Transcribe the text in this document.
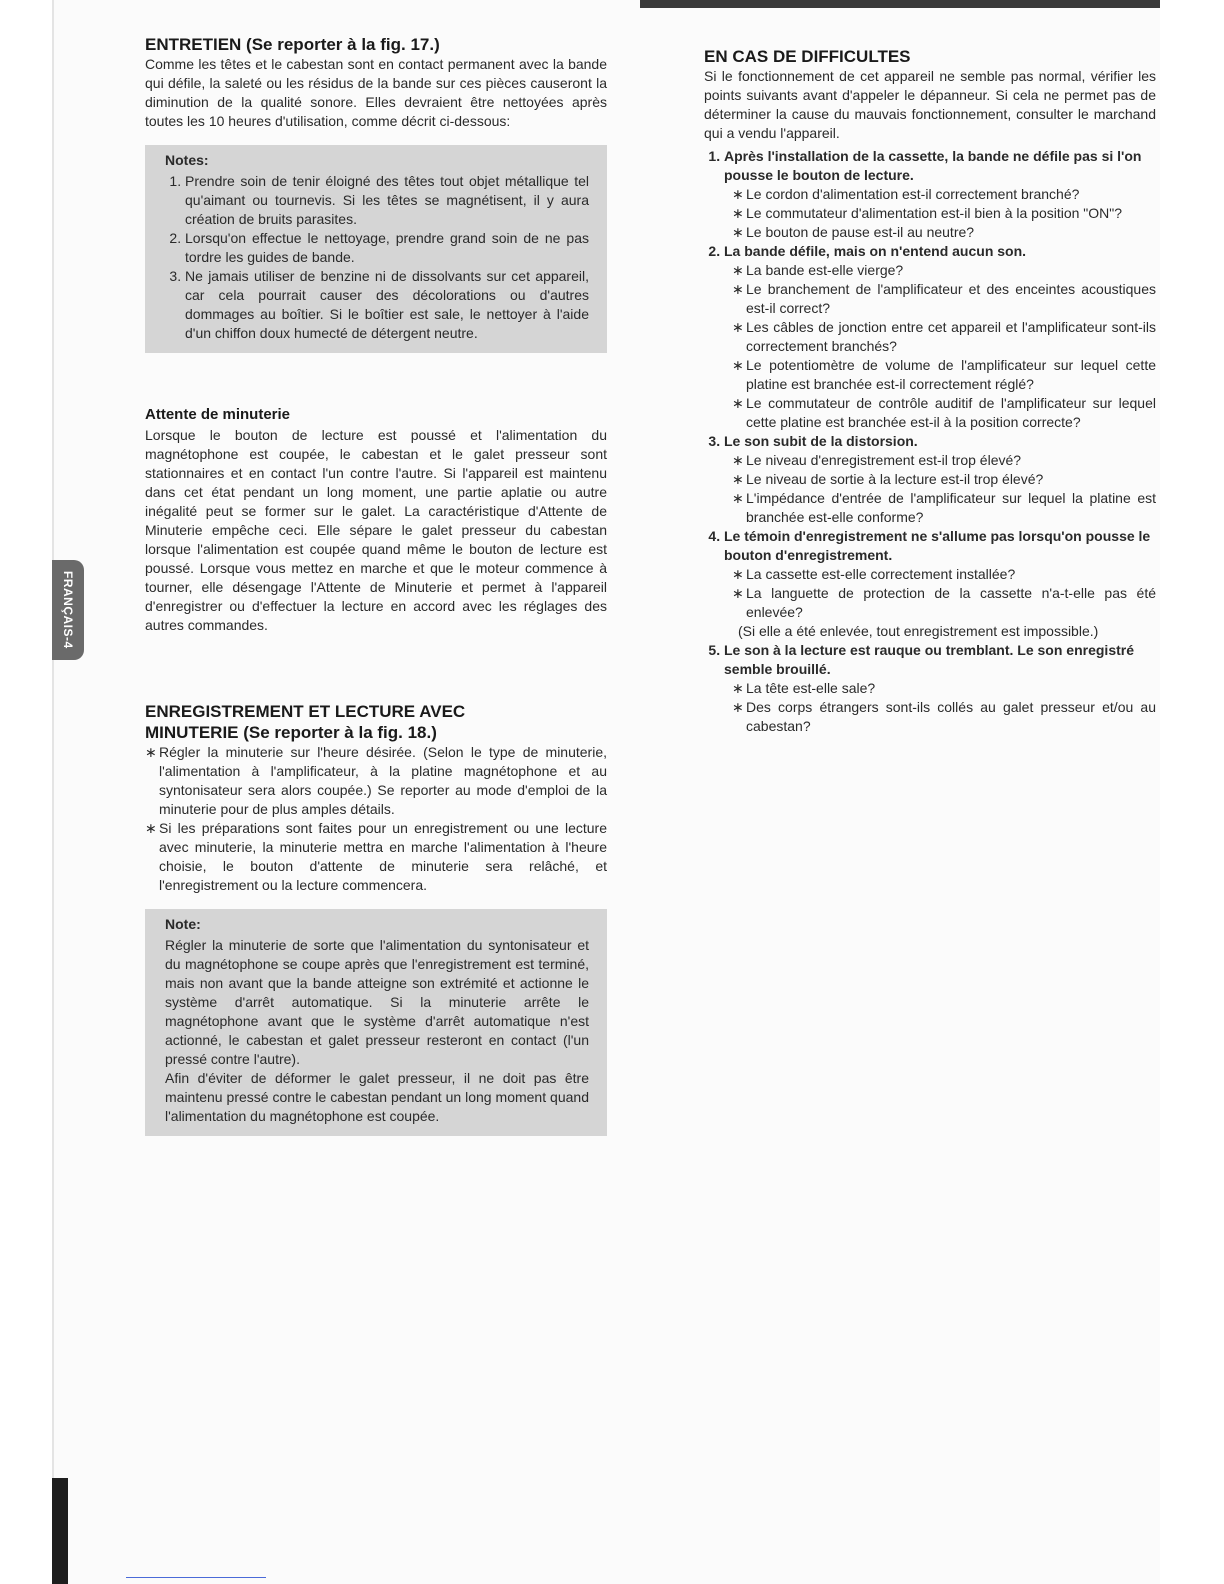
FRANÇAIS-4
ENTRETIEN (Se reporter à la fig. 17.)

Comme les têtes et le cabestan sont en contact permanent avec la bande qui défile, la saleté ou les résidus de la bande sur ces pièces causeront la diminution de la qualité sonore. Elles devraient être nettoyées après toutes les 10 heures d'utilisation, comme décrit ci-dessous:

Notes:
1. Prendre soin de tenir éloigné des têtes tout objet métallique tel qu'aimant ou tournevis. Si les têtes se magnétisent, il y aura création de bruits parasites.
2. Lorsqu'on effectue le nettoyage, prendre grand soin de ne pas tordre les guides de bande.
3. Ne jamais utiliser de benzine ni de dissolvants sur cet appareil, car cela pourrait causer des décolorations ou d'autres dommages au boîtier. Si le boîtier est sale, le nettoyer à l'aide d'un chiffon doux humecté de détergent neutre.
Attente de minuterie

Lorsque le bouton de lecture est poussé et l'alimentation du magnétophone est coupée, le cabestan et le galet presseur sont stationnaires et en contact l'un contre l'autre. Si l'appareil est maintenu dans cet état pendant un long moment, une partie aplatie ou autre inégalité peut se former sur le galet. La caractéristique d'Attente de Minuterie empêche ceci. Elle sépare le galet presseur du cabestan lorsque l'alimentation est coupée quand même le bouton de lecture est poussé. Lorsque vous mettez en marche et que le moteur commence à tourner, elle désengage l'Attente de Minuterie et permet à l'appareil d'enregistrer ou d'effectuer la lecture en accord avec les réglages des autres commandes.

ENREGISTREMENT ET LECTURE AVEC
MINUTERIE (Se reporter à la fig. 18.)
∗ Régler la minuterie sur l'heure désirée. (Selon le type de minuterie, l'alimentation à l'amplificateur, à la platine magnétophone et au syntonisateur sera alors coupée.) Se reporter au mode d'emploi de la minuterie pour de plus amples détails.
∗ Si les préparations sont faites pour un enregistrement ou une lecture avec minuterie, la minuterie mettra en marche l'alimentation à l'heure choisie, le bouton d'attente de minuterie sera relâché, et l'enregistrement ou la lecture commencera.
Note:

Régler la minuterie de sorte que l'alimentation du syntonisateur et du magnétophone se coupe après que l'enregistrement est terminé, mais non avant que la bande atteigne son extrémité et actionne le système d'arrêt automatique. Si la minuterie arrête le magnétophone avant que le système d'arrêt automatique n'est actionné, le cabestan et galet presseur resteront en contact (l'un pressé contre l'autre).

Afin d'éviter de déformer le galet presseur, il ne doit pas être maintenu pressé contre le cabestan pendant un long moment quand l'alimentation du magnétophone est coupée.

EN CAS DE DIFFICULTES

Si le fonctionnement de cet appareil ne semble pas normal, vérifier les points suivants avant d'appeler le dépanneur. Si cela ne permet pas de déterminer la cause du mauvais fonctionnement, consulter le marchand qui a vendu l'appareil.

1. Après l'installation de la cassette, la bande ne défile pas si l'on pousse le bouton de lecture.
∗ Le cordon d'alimentation est-il correctement branché?
∗ Le commutateur d'alimentation est-il bien à la position "ON"?
∗ Le bouton de pause est-il au neutre?
2. La bande défile, mais on n'entend aucun son.
∗ La bande est-elle vierge?
∗ Le branchement de l'amplificateur et des enceintes acoustiques est-il correct?
∗ Les câbles de jonction entre cet appareil et l'amplificateur sont-ils correctement branchés?
∗ Le potentiomètre de volume de l'amplificateur sur lequel cette platine est branchée est-il correctement réglé?
∗ Le commutateur de contrôle auditif de l'amplificateur sur lequel cette platine est branchée est-il à la position correcte?
3. Le son subit de la distorsion.
∗ Le niveau d'enregistrement est-il trop élevé?
∗ Le niveau de sortie à la lecture est-il trop élevé?
∗ L'impédance d'entrée de l'amplificateur sur lequel la platine est branchée est-elle conforme?
4. Le témoin d'enregistrement ne s'allume pas lorsqu'on pousse le bouton d'enregistrement.
∗ La cassette est-elle correctement installée?
∗ La languette de protection de la cassette n'a-t-elle pas été enlevée?
(Si elle a été enlevée, tout enregistrement est impossible.)
5. Le son à la lecture est rauque ou tremblant. Le son enregistré semble brouillé.
∗ La tête est-elle sale?
∗ Des corps étrangers sont-ils collés au galet presseur et/ou au cabestan?
